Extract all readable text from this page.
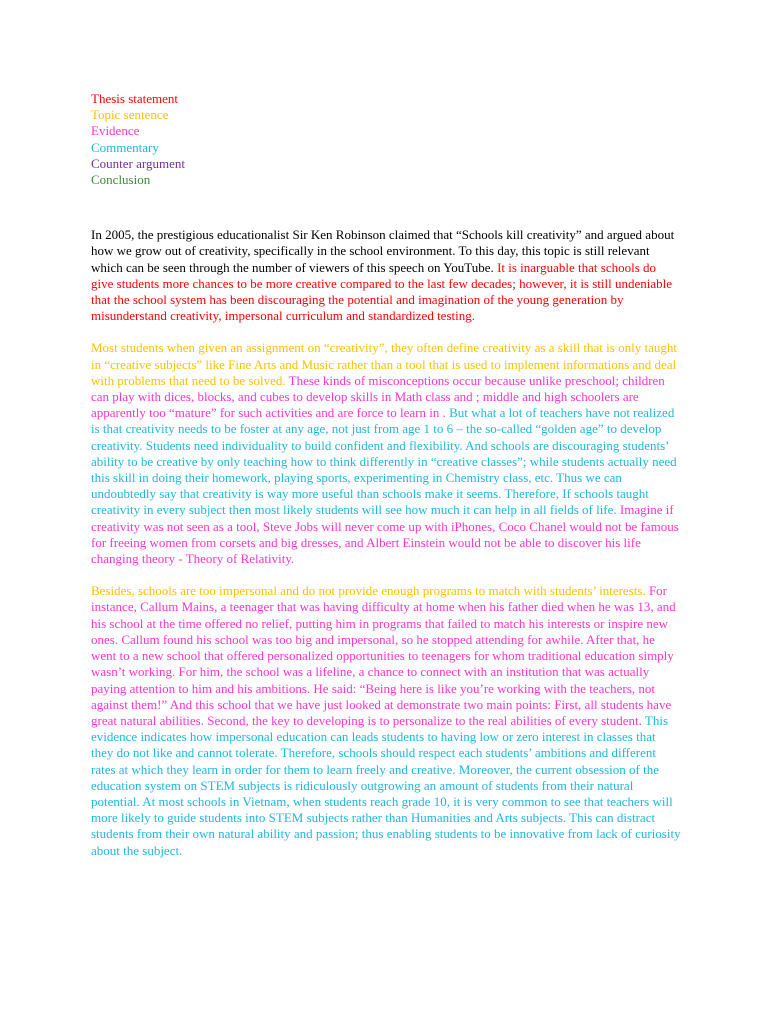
Thesis statement
Topic sentence
Evidence
Commentary
Counter argument
Conclusion

In 2005, the prestigious educationalist Sir Ken Robinson claimed that “Schools kill creativity” and argued about how we grow out of creativity, specifically in the school environment. To this day, this topic is still relevant which can be seen through the number of viewers of this speech on YouTube. It is inarguable that schools do give students more chances to be more creative compared to the last few decades; however, it is still undeniable that the school system has been discouraging the potential and imagination of the young generation by misunderstand creativity, impersonal curriculum and standardized testing.

Most students when given an assignment on “creativity”, they often define creativity as a skill that is only taught in “creative subjects” like Fine Arts and Music rather than a tool that is used to implement informations and deal with problems that need to be solved. These kinds of misconceptions occur because unlike preschool; children can play with dices, blocks, and cubes to develop skills in Math class and ; middle and high schoolers are apparently too “mature” for such activities and are force to learn in . But what a lot of teachers have not realized is that creativity needs to be foster at any age, not just from age 1 to 6 – the so-called “golden age” to develop creativity. Students need individuality to build confident and flexibility. And schools are discouraging students’ ability to be creative by only teaching how to think differently in “creative classes”; while students actually need this skill in doing their homework, playing sports, experimenting in Chemistry class, etc. Thus we can undoubtedly say that creativity is way more useful than schools make it seems. Therefore, If schools taught creativity in every subject then most likely students will see how much it can help in all fields of life. Imagine if creativity was not seen as a tool, Steve Jobs will never come up with iPhones, Coco Chanel would not be famous for freeing women from corsets and big dresses, and Albert Einstein would not be able to discover his life changing theory - Theory of Relativity.

Besides, schools are too impersonal and do not provide enough programs to match with students’ interests. For instance, Callum Mains, a teenager that was having difficulty at home when his father died when he was 13, and his school at the time offered no relief, putting him in programs that failed to match his interests or inspire new ones. Callum found his school was too big and impersonal, so he stopped attending for awhile. After that, he went to a new school that offered personalized opportunities to teenagers for whom traditional education simply wasn’t working. For him, the school was a lifeline, a chance to connect with an institution that was actually paying attention to him and his ambitions. He said: “Being here is like you’re working with the teachers, not against them!” And this school that we have just looked at demonstrate two main points: First, all students have great natural abilities. Second, the key to developing is to personalize to the real abilities of every student. This evidence indicates how impersonal education can leads students to having low or zero interest in classes that they do not like and cannot tolerate. Therefore, schools should respect each students’ ambitions and different rates at which they learn in order for them to learn freely and creative. Moreover, the current obsession of the education system on STEM subjects is ridiculously outgrowing an amount of students from their natural potential. At most schools in Vietnam, when students reach grade 10, it is very common to see that teachers will more likely to guide students into STEM subjects rather than Humanities and Arts subjects. This can distract students from their own natural ability and passion; thus enabling students to be innovative from lack of curiosity about the subject.
